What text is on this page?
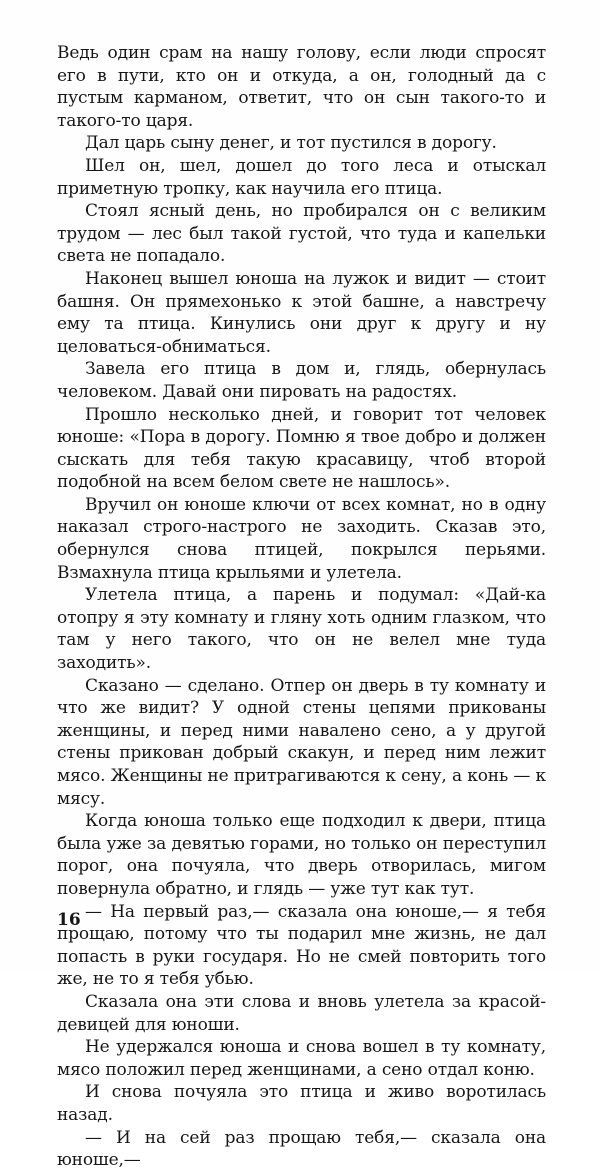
Ведь один срам на нашу голову, если люди спросят его в пути, кто он и откуда, а он, голодный да с пустым карманом, ответит, что он сын такого-то и такого-то царя.

Дал царь сыну денег, и тот пустился в дорогу.

Шел он, шел, дошел до того леса и отыскал приметную тропку, как научила его птица.

Стоял ясный день, но пробирался он с великим трудом — лес был такой густой, что туда и капельки света не попадало.

Наконец вышел юноша на лужок и видит — стоит башня. Он прямехонько к этой башне, а навстречу ему та птица. Кинулись они друг к другу и ну целоваться-обниматься.

Завела его птица в дом и, глядь, обернулась человеком. Давай они пировать на радостях.

Прошло несколько дней, и говорит тот человек юноше: «Пора в дорогу. Помню я твое добро и должен сыскать для тебя такую красавицу, чтоб второй подобной на всем белом свете не нашлось».

Вручил он юноше ключи от всех комнат, но в одну наказал строго-настрого не заходить. Сказав это, обернулся снова птицей, покрылся перьями. Взмахнула птица крыльями и улетела.

Улетела птица, а парень и подумал: «Дай-ка отопру я эту комнату и гляну хоть одним глазком, что там у него такого, что он не велел мне туда заходить».

Сказано — сделано. Отпер он дверь в ту комнату и что же видит? У одной стены цепями прикованы женщины, и перед ними навалено сено, а у другой стены прикован добрый скакун, и перед ним лежит мясо. Женщины не притрагиваются к сену, а конь — к мясу.

Когда юноша только еще подходил к двери, птица была уже за девятью горами, но только он переступил порог, она почуяла, что дверь отворилась, мигом повернула обратно, и глядь — уже тут как тут.

— На первый раз,— сказала она юноше,— я тебя прощаю, потому что ты подарил мне жизнь, не дал попасть в руки государя. Но не смей повторить того же, не то я тебя убью.

Сказала она эти слова и вновь улетела за красой-девицей для юноши.

Не удержался юноша и снова вошел в ту комнату, мясо положил перед женщинами, а сено отдал коню.

И снова почуяла это птица и живо воротилась назад.

— И на сей раз прощаю тебя,— сказала она юноше,—

16
